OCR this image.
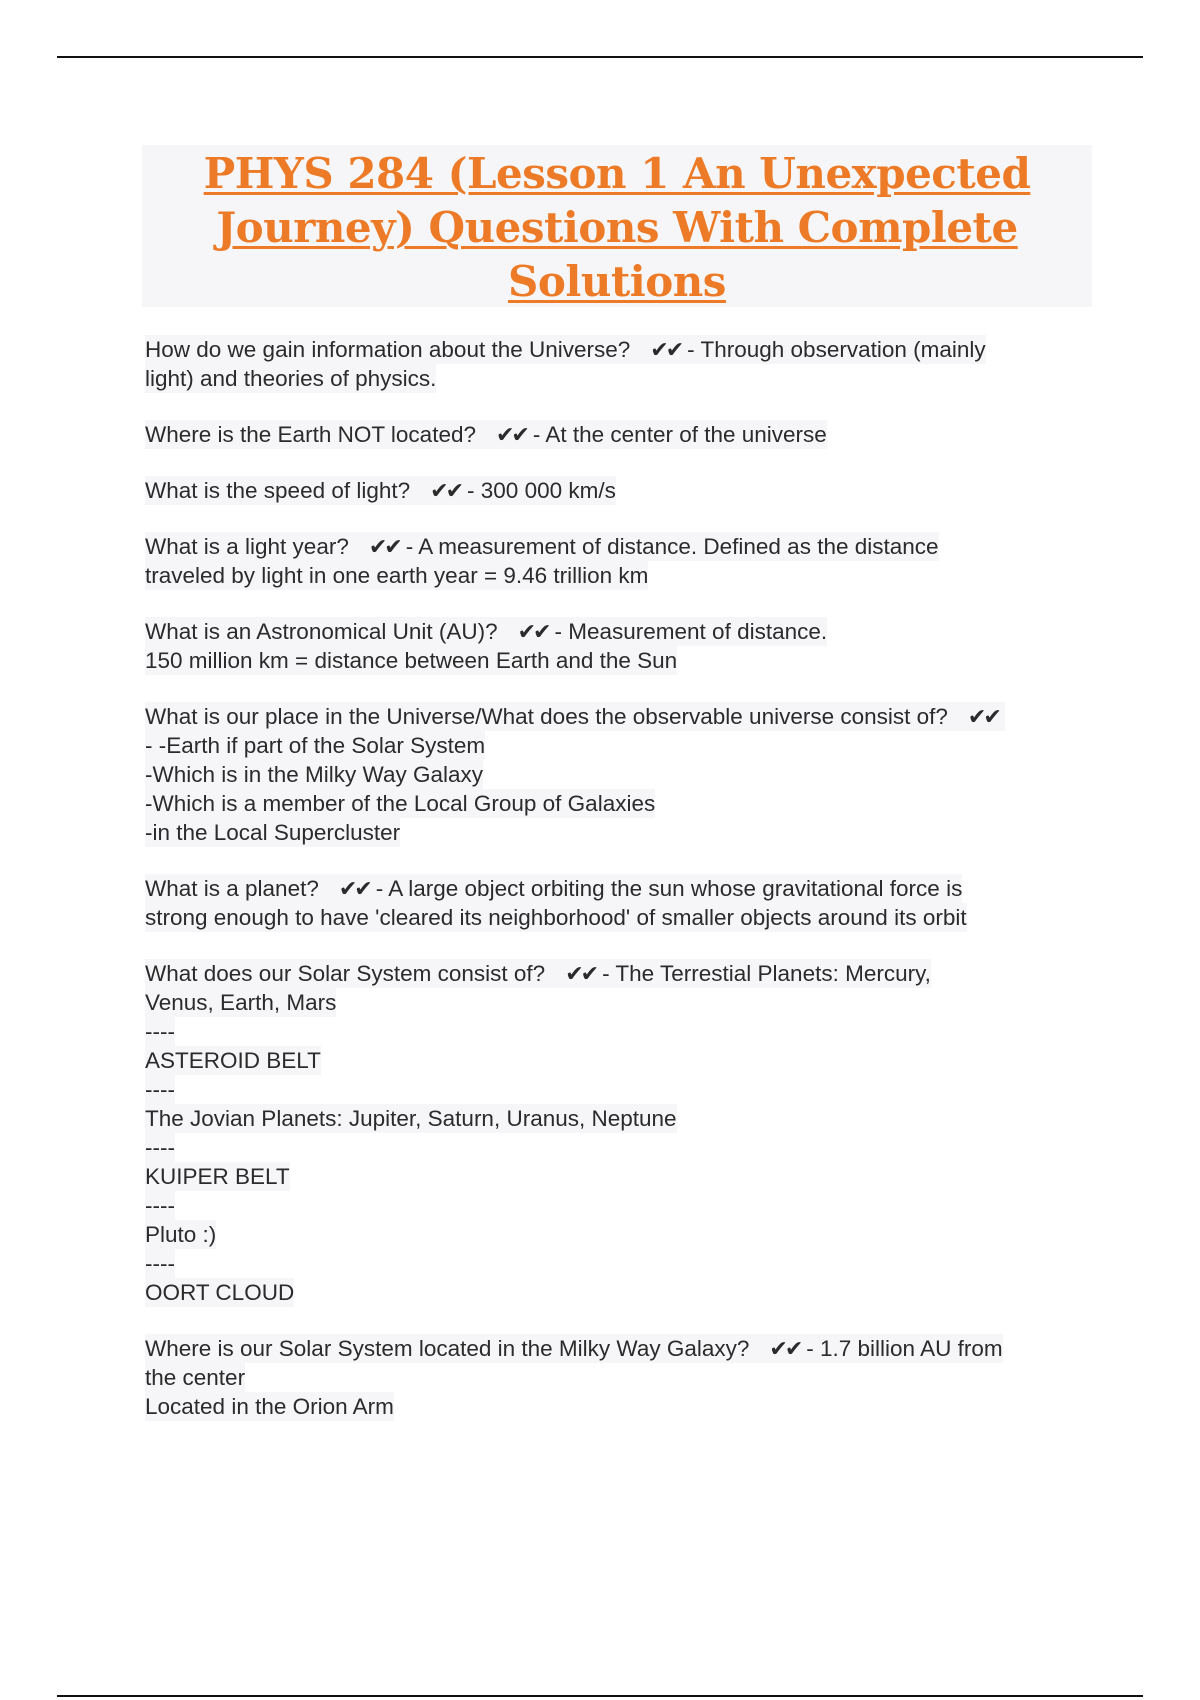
PHYS 284 (Lesson 1 An Unexpected
Journey) Questions With Complete
Solutions
How do we gain information about the Universe? ✔✔ - Through observation (mainly
light) and theories of physics.
Where is the Earth NOT located? ✔✔ - At the center of the universe
What is the speed of light? ✔✔ - 300 000 km/s
What is a light year? ✔✔ - A measurement of distance. Defined as the distance
traveled by light in one earth year = 9.46 trillion km
What is an Astronomical Unit (AU)? ✔✔ - Measurement of distance.
150 million km = distance between Earth and the Sun
What is our place in the Universe/What does the observable universe consist of? ✔✔
- -Earth if part of the Solar System
-Which is in the Milky Way Galaxy
-Which is a member of the Local Group of Galaxies
-in the Local Supercluster
What is a planet? ✔✔ - A large object orbiting the sun whose gravitational force is
strong enough to have 'cleared its neighborhood' of smaller objects around its orbit
What does our Solar System consist of? ✔✔ - The Terrestial Planets: Mercury,
Venus, Earth, Mars
----
ASTEROID BELT
----
The Jovian Planets: Jupiter, Saturn, Uranus, Neptune
----
KUIPER BELT
----
Pluto :)
----
OORT CLOUD
Where is our Solar System located in the Milky Way Galaxy? ✔✔ - 1.7 billion AU from
the center
Located in the Orion Arm
